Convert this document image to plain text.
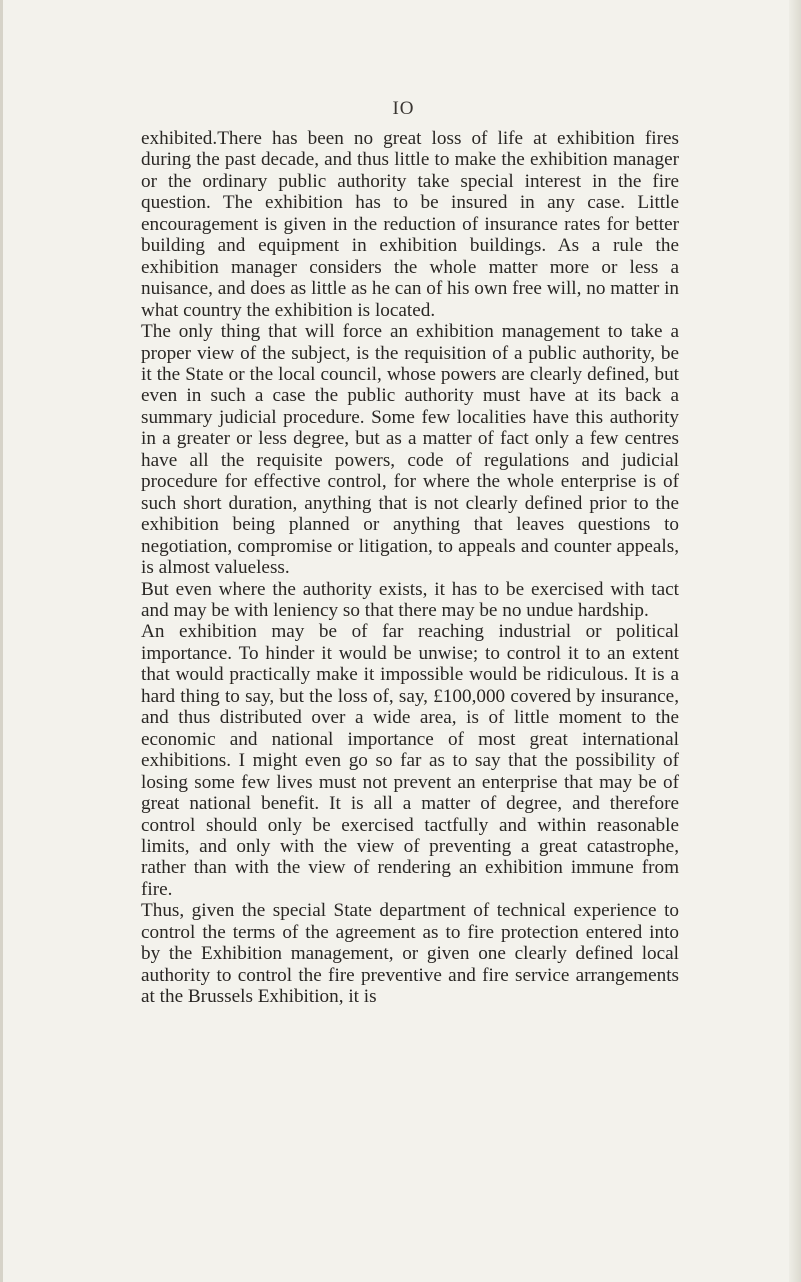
IO

exhibited.There has been no great loss of life at exhibition fires during the past decade, and thus little to make the exhibition manager or the ordinary public authority take special interest in the fire question. The exhibition has to be insured in any case. Little encouragement is given in the reduction of insurance rates for better building and equipment in exhibition buildings. As a rule the exhibition manager considers the whole matter more or less a nuisance, and does as little as he can of his own free will, no matter in what country the exhibition is located.

The only thing that will force an exhibition management to take a proper view of the subject, is the requisition of a public authority, be it the State or the local council, whose powers are clearly defined, but even in such a case the public authority must have at its back a summary judicial procedure. Some few localities have this authority in a greater or less degree, but as a matter of fact only a few centres have all the requisite powers, code of regulations and judicial procedure for effective control, for where the whole enterprise is of such short duration, anything that is not clearly defined prior to the exhibition being planned or anything that leaves questions to negotiation, compromise or litigation, to appeals and counter appeals, is almost valueless.

But even where the authority exists, it has to be exercised with tact and may be with leniency so that there may be no undue hardship.

An exhibition may be of far reaching industrial or political importance. To hinder it would be unwise; to control it to an extent that would practically make it impossible would be ridiculous. It is a hard thing to say, but the loss of, say, £100,000 covered by insurance, and thus distributed over a wide area, is of little moment to the economic and national importance of most great international exhibitions. I might even go so far as to say that the possibility of losing some few lives must not prevent an enterprise that may be of great national benefit. It is all a matter of degree, and therefore control should only be exercised tactfully and within reasonable limits, and only with the view of preventing a great catastrophe, rather than with the view of rendering an exhibition immune from fire.

Thus, given the special State department of technical experience to control the terms of the agreement as to fire protection entered into by the Exhibition management, or given one clearly defined local authority to control the fire preventive and fire service arrangements at the Brussels Exhibition, it is
